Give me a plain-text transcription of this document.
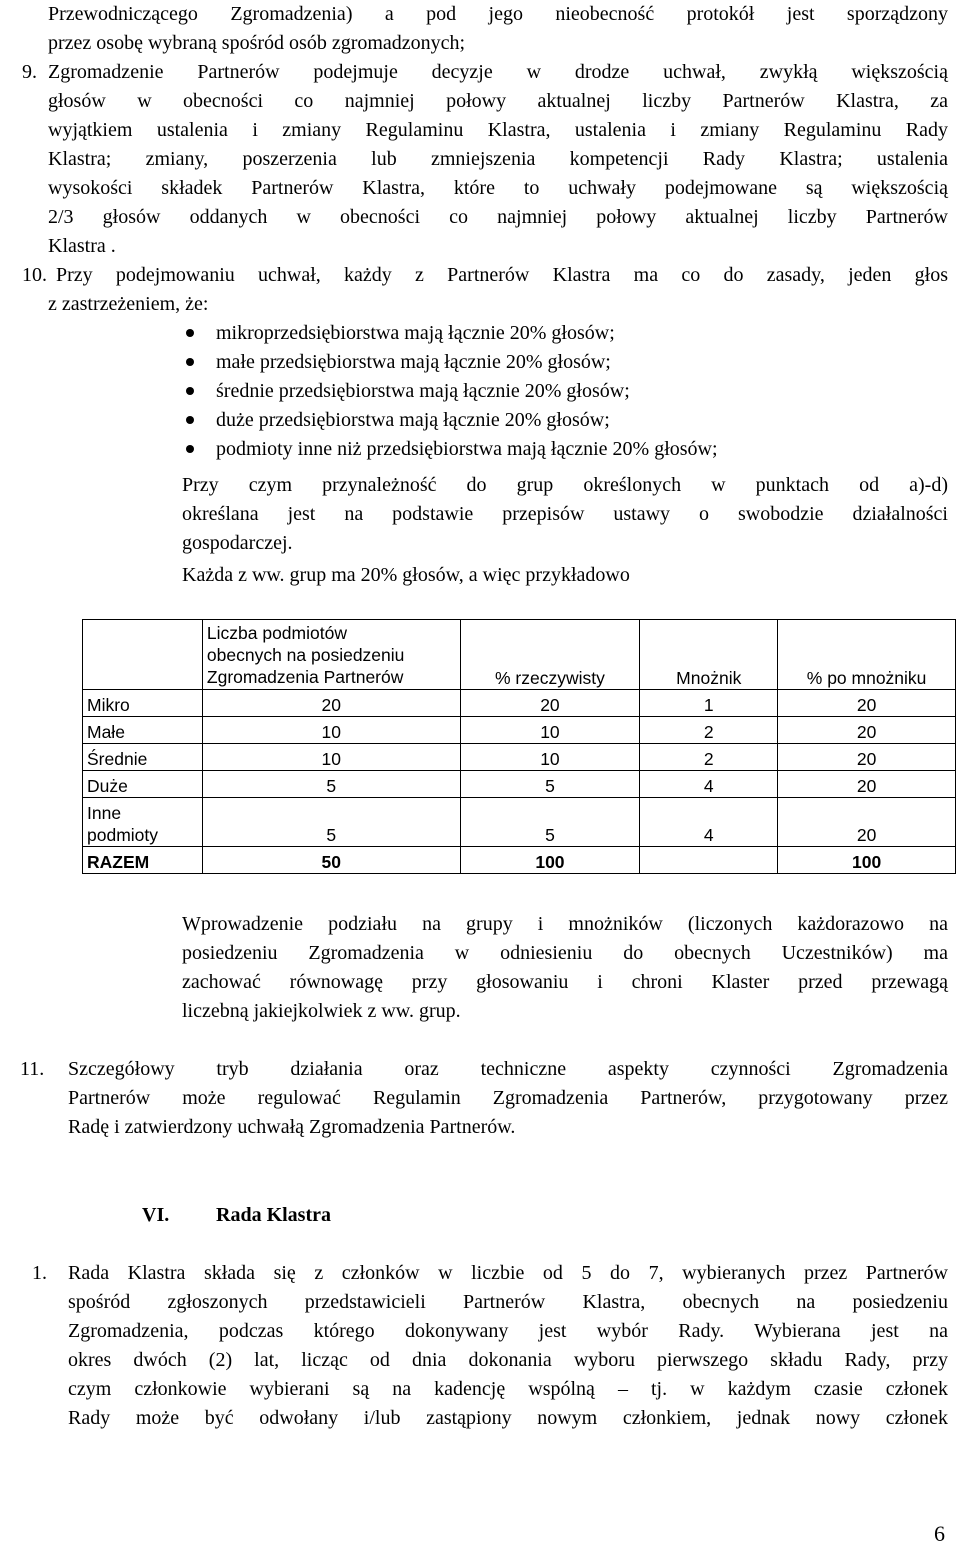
Przewodniczącego Zgromadzenia) a pod jego nieobecność protokół jest sporządzony
przez osobę wybraną spośród osób zgromadzonych;
9. Zgromadzenie Partnerów podejmuje decyzje w drodze uchwał, zwykłą większością
głosów w obecności co najmniej połowy aktualnej liczby Partnerów Klastra, za
wyjątkiem ustalenia i zmiany Regulaminu Klastra, ustalenia i zmiany Regulaminu Rady
Klastra; zmiany, poszerzenia lub zmniejszenia kompetencji Rady Klastra; ustalenia
wysokości składek Partnerów Klastra, które to uchwały podejmowane są większością
2/3 głosów oddanych w obecności co najmniej połowy aktualnej liczby Partnerów
Klastra .
10. Przy podejmowaniu uchwał, każdy z Partnerów Klastra ma co do zasady, jeden głos
z zastrzeżeniem, że:
mikroprzedsiębiorstwa mają łącznie 20% głosów;
małe przedsiębiorstwa mają łącznie 20% głosów;
średnie przedsiębiorstwa mają łącznie 20% głosów;
duże przedsiębiorstwa mają łącznie 20% głosów;
podmioty inne niż przedsiębiorstwa mają łącznie 20% głosów;
Przy czym przynależność do grup określonych w punktach od a)-d)
określana jest na podstawie przepisów ustawy o swobodzie działalności
gospodarczej.
Każda z ww. grup ma 20% głosów, a więc przykładowo

	Liczba podmiotów
obecnych na posiedzeniu
Zgromadzenia Partnerów	% rzeczywisty	Mnożnik	% po mnożniku
Mikro	20	20	1	20
Małe	10	10	2	20
Średnie	10	10	2	20
Duże	5	5	4	20

Inne
podmioty	5	5	4	20
RAZEM	50	100		100
Wprowadzenie podziału na grupy i mnożników (liczonych każdorazowo na
posiedzeniu Zgromadzenia w odniesieniu do obecnych Uczestników) ma
zachować równowagę przy głosowaniu i chroni Klaster przed przewagą
liczebną jakiejkolwiek z ww. grup.
11. Szczegółowy tryb działania oraz techniczne aspekty czynności Zgromadzenia
Partnerów może regulować Regulamin Zgromadzenia Partnerów, przygotowany przez
Radę i zatwierdzony uchwałą Zgromadzenia Partnerów.
VI. Rada Klastra
1. Rada Klastra składa się z członków w liczbie od 5 do 7, wybieranych przez Partnerów
spośród zgłoszonych przedstawicieli Partnerów Klastra, obecnych na posiedzeniu
Zgromadzenia, podczas którego dokonywany jest wybór Rady. Wybierana jest na
okres dwóch (2) lat, licząc od dnia dokonania wyboru pierwszego składu Rady, przy
czym członkowie wybierani są na kadencję wspólną – tj. w każdym czasie członek
Rady może być odwołany i/lub zastąpiony nowym członkiem, jednak nowy członek
6
